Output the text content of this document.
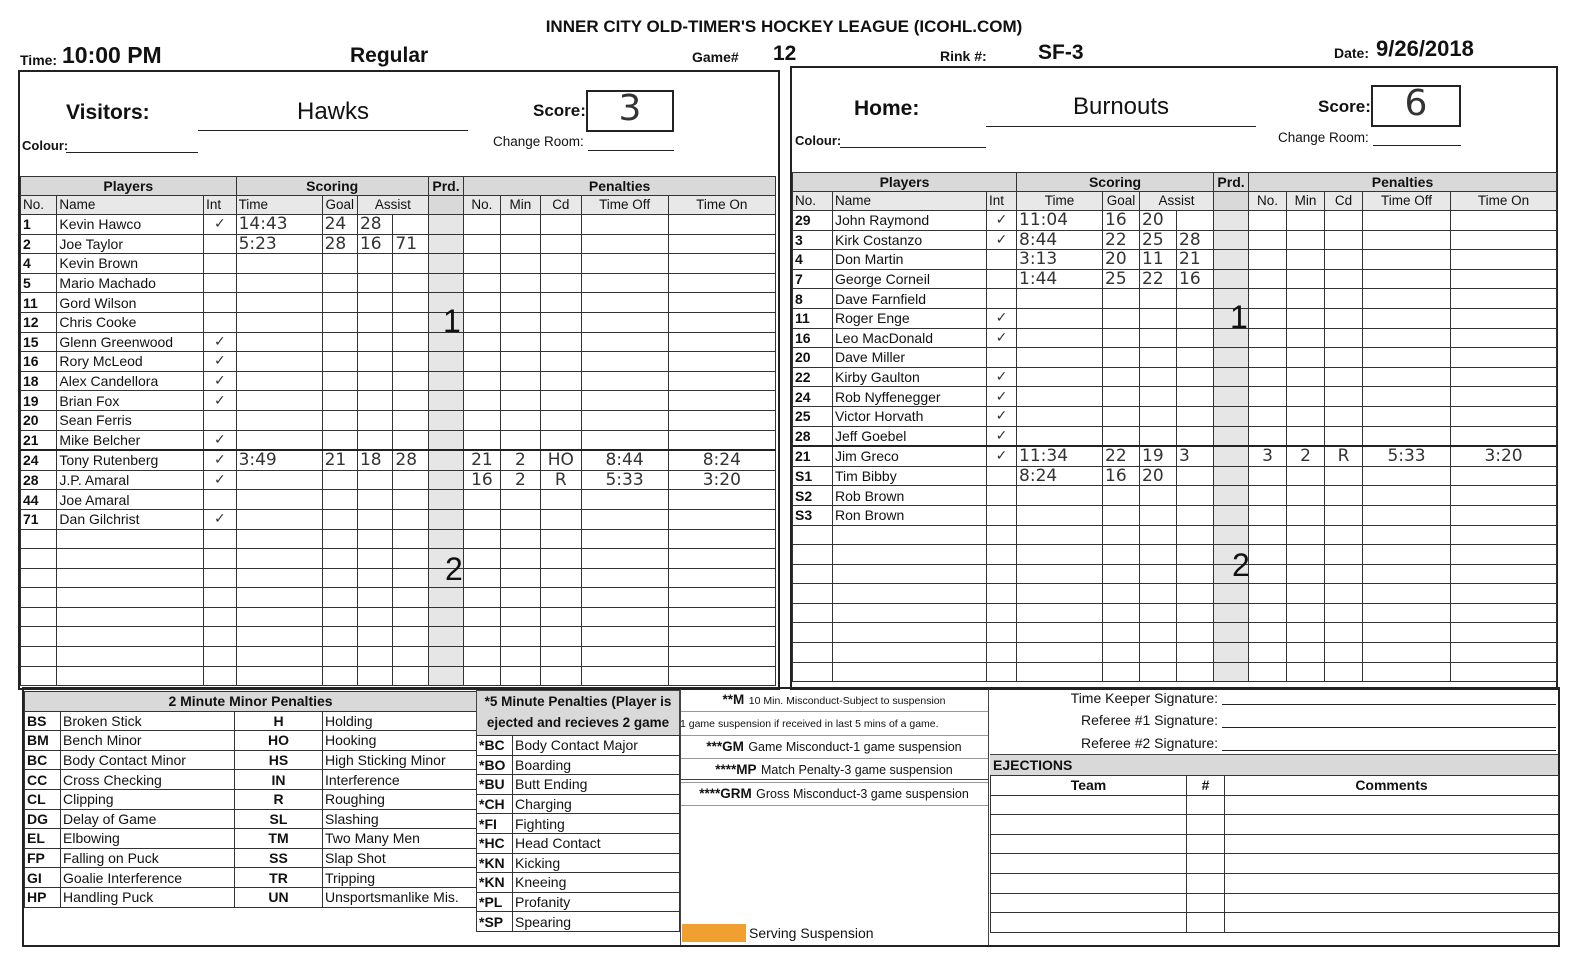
INNER CITY OLD-TIMER'S HOCKEY LEAGUE (ICOHL.COM)
Time: 10:00 PM	Regular	Game# 12	Rink #: SF-3	Date: 9/26/2018
Visitors:	Hawks	Score: 3
Colour:	Change Room:
Home:	Burnouts	Score: 6
Colour:	Change Room:
Players			Scoring				Prd.	Penalties				
No.	Name	Int	Time	Goal	Assist			No.	Min	Cd	Time Off	Time On
1	Kevin Hawco	✓	14:43	24	28							
2	Joe Taylor		5:23	28	16	71						
4	Kevin Brown											
5	Mario Machado											
11	Gord Wilson											
12	Chris Cooke											
15	Glenn Greenwood	✓										
16	Rory McLeod	✓										
18	Alex Candellora	✓										
19	Brian Fox	✓										
20	Sean Ferris											
21	Mike Belcher	✓										
24	Tony Rutenberg	✓	3:49	21	18	28		21	2	HO	8:44	8:24
28	J.P. Amaral	✓						16	2	R	5:33	3:20
44	Joe Amaral											
71	Dan Gilchrist	✓										

1
2
Players			Scoring				Prd.	Penalties				
No.	Name	Int	Time	Goal	Assist			No.	Min	Cd	Time Off	Time On
29	John Raymond	✓	11:04	16	20							
3	Kirk Costanzo	✓	8:44	22	25	28						
4	Don Martin		3:13	20	11	21						
7	George Corneil		1:44	25	22	16						
8	Dave Farnfield											
11	Roger Enge	✓										
16	Leo MacDonald	✓										
20	Dave Miller											
22	Kirby Gaulton	✓										
24	Rob Nyffenegger	✓										
25	Victor Horvath	✓										
28	Jeff Goebel	✓										
21	Jim Greco	✓	11:34	22	19	3		3	2	R	5:33	3:20
S1	Tim Bibby		8:24	16	20							
S2	Rob Brown											
S3	Ron Brown											

1
2
2 Minute Minor Penalties			
BS	Broken Stick	H	Holding
BM	Bench Minor	HO	Hooking
BC	Body Contact Minor	HS	High Sticking Minor
CC	Cross Checking	IN	Interference
CL	Clipping	R	Roughing
DG	Delay of Game	SL	Slashing
EL	Elbowing	TM	Two Many Men
FP	Falling on Puck	SS	Slap Shot
GI	Goalie Interference	TR	Tripping
HP	Handling Puck	UN	Unsportsmanlike Mis.
*5 Minute Penalties (Player is ejected and recieves 2 game
*BC	Body Contact Major
*BO	Boarding
*BU	Butt Ending
*CH	Charging
*FI	Fighting
*HC	Head Contact
*KN	Kicking
*KN	Kneeing
*PL	Profanity
*SP	Spearing
**M 10 Min. Misconduct-Subject to suspension
1 game suspension if received in last 5 mins of a game.
***GM Game Misconduct-1 game suspension
****MP Match Penalty-3 game suspension
****GRM Gross Misconduct-3 game suspension
Serving Suspension
Time Keeper Signature:
Referee #1 Signature:
Referee #2 Signature:
EJECTIONS
Team	#	Comments
